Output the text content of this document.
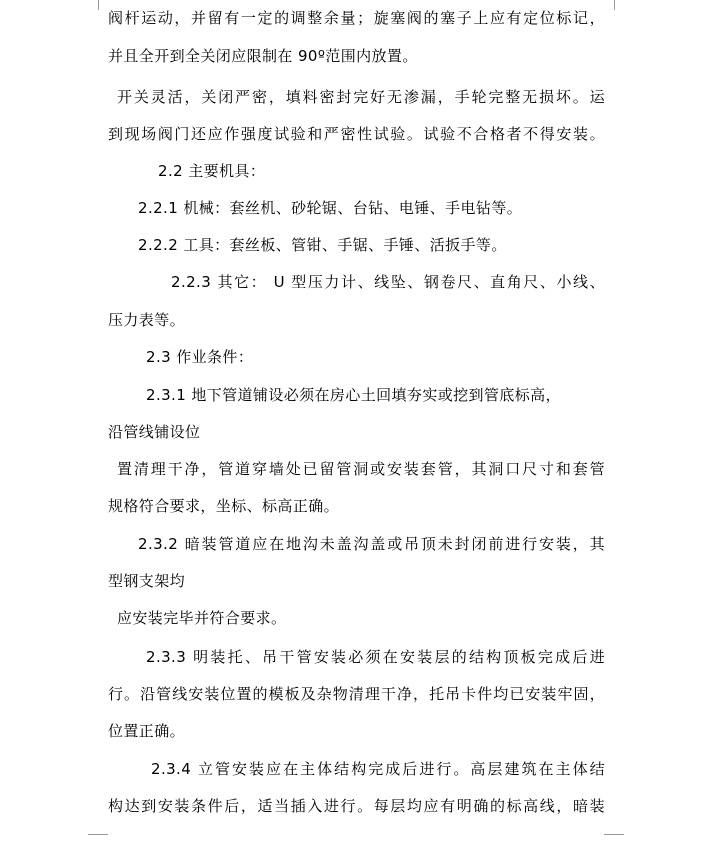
阀杆运动，并留有一定的调整余量；旋塞阀的塞子上应有定位标记，
并且全开到全关闭应限制在 90º范围内放置。
开关灵活，关闭严密，填料密封完好无渗漏，手轮完整无损坏。运
到现场阀门还应作强度试验和严密性试验。试验不合格者不得安装。
2.2 主要机具：
2.2.1 机械：套丝机、砂轮锯、台钻、电锤、手电钻等。
2.2.2 工具：套丝板、管钳、手锯、手锤、活扳手等。
2.2.3 其它： U 型压力计、线坠、钢卷尺、直角尺、小线、
压力表等。
2.3 作业条件：
2.3.1 地下管道铺设必须在房心土回填夯实或挖到管底标高，
沿管线铺设位
置清理干净，管道穿墙处已留管洞或安装套管，其洞口尺寸和套管
规格符合要求，坐标、标高正确。
2.3.2 暗装管道应在地沟未盖沟盖或吊顶未封闭前进行安装，其
型钢支架均
应安装完毕并符合要求。
2.3.3 明装托、吊干管安装必须在安装层的结构顶板完成后进
行。沿管线安装位置的模板及杂物清理干净，托吊卡件均已安装牢固，
位置正确。
2.3.4 立管安装应在主体结构完成后进行。高层建筑在主体结
构达到安装条件后，适当插入进行。每层均应有明确的标高线，暗装
